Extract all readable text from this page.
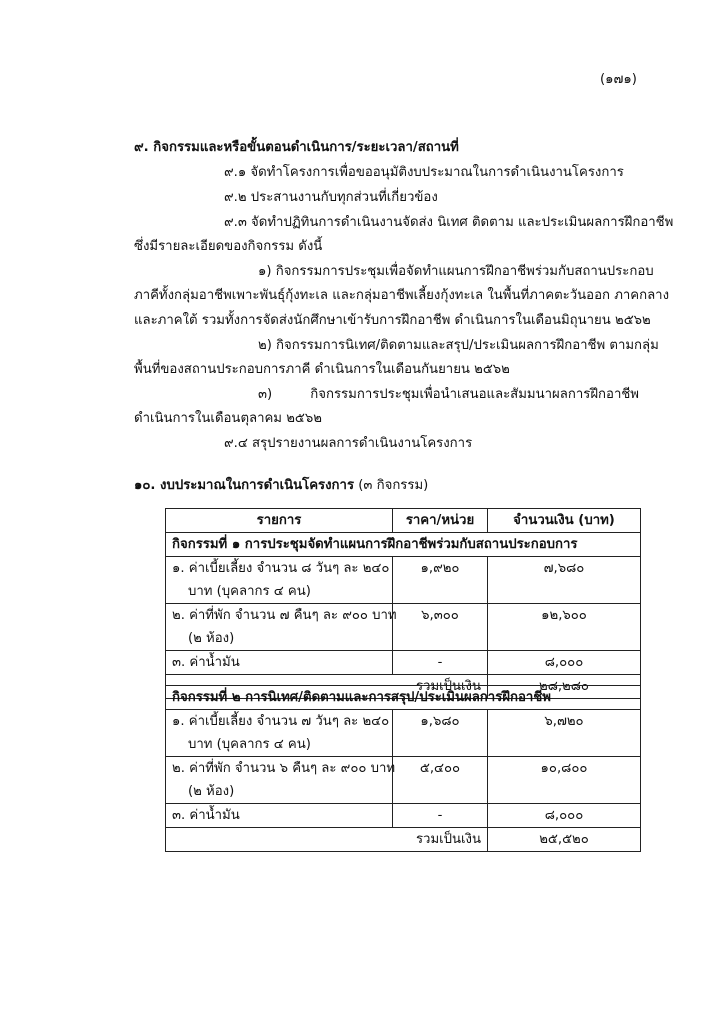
(๑๗๑)
๙. กิจกรรมและหรือขั้นตอนดำเนินการ/ระยะเวลา/สถานที่
๙.๑ จัดทำโครงการเพื่อขออนุมัติงบประมาณในการดำเนินงานโครงการ
๙.๒ ประสานงานกับทุกส่วนที่เกี่ยวข้อง
๙.๓ จัดทำปฏิทินการดำเนินงานจัดส่ง นิเทศ ติดตาม และประเมินผลการฝึกอาชีพ
ซึ่งมีรายละเอียดของกิจกรรม ดังนี้
๑) กิจกรรมการประชุมเพื่อจัดทำแผนการฝึกอาชีพร่วมกับสถานประกอบ
ภาคีทั้งกลุ่มอาชีพเพาะพันธุ์กุ้งทะเล และกลุ่มอาชีพเลี้ยงกุ้งทะเล ในพื้นที่ภาคตะวันออก ภาคกลาง
และภาคใต้ รวมทั้งการจัดส่งนักศึกษาเข้ารับการฝึกอาชีพ ดำเนินการในเดือนมิถุนายน ๒๕๖๒
๒) กิจกรรมการนิเทศ/ติดตามและสรุป/ประเมินผลการฝึกอาชีพ ตามกลุ่ม
พื้นที่ของสถานประกอบการภาคี ดำเนินการในเดือนกันยายน ๒๕๖๒
๓) กิจกรรมการประชุมเพื่อนำเสนอและสัมมนาผลการฝึกอาชีพ
ดำเนินการในเดือนตุลาคม ๒๕๖๒
๙.๔ สรุปรายงานผลการดำเนินงานโครงการ
๑๐. งบประมาณในการดำเนินโครงการ (๓ กิจกรรม)
รายการ	ราคา/หน่วย	จำนวนเงิน (บาท)
กิจกรรมที่ ๑ การประชุมจัดทำแผนการฝึกอาชีพร่วมกับสถานประกอบการ		

๑. ค่าเบี้ยเลี้ยง จำนวน ๘ วันๆ ละ ๒๔๐
บาท (บุคลากร ๔ คน)	๑,๙๒๐	๗,๖๘๐

๒. ค่าที่พัก จำนวน ๗ คืนๆ ละ ๙๐๐ บาท
(๒ ห้อง)	๖,๓๐๐	๑๒,๖๐๐
๓. ค่าน้ำมัน	-	๘,๐๐๐
รวมเป็นเงิน		๒๘,๒๘๐
กิจกรรมที่ ๒ การนิเทศ/ติดตามและการสรุป/ประเมินผลการฝึกอาชีพ		

๑. ค่าเบี้ยเลี้ยง จำนวน ๗ วันๆ ละ ๒๔๐
บาท (บุคลากร ๔ คน)	๑,๖๘๐	๖,๗๒๐

๒. ค่าที่พัก จำนวน ๖ คืนๆ ละ ๙๐๐ บาท
(๒ ห้อง)	๕,๔๐๐	๑๐,๘๐๐
๓. ค่าน้ำมัน	-	๘,๐๐๐
รวมเป็นเงิน		๒๕,๕๒๐
